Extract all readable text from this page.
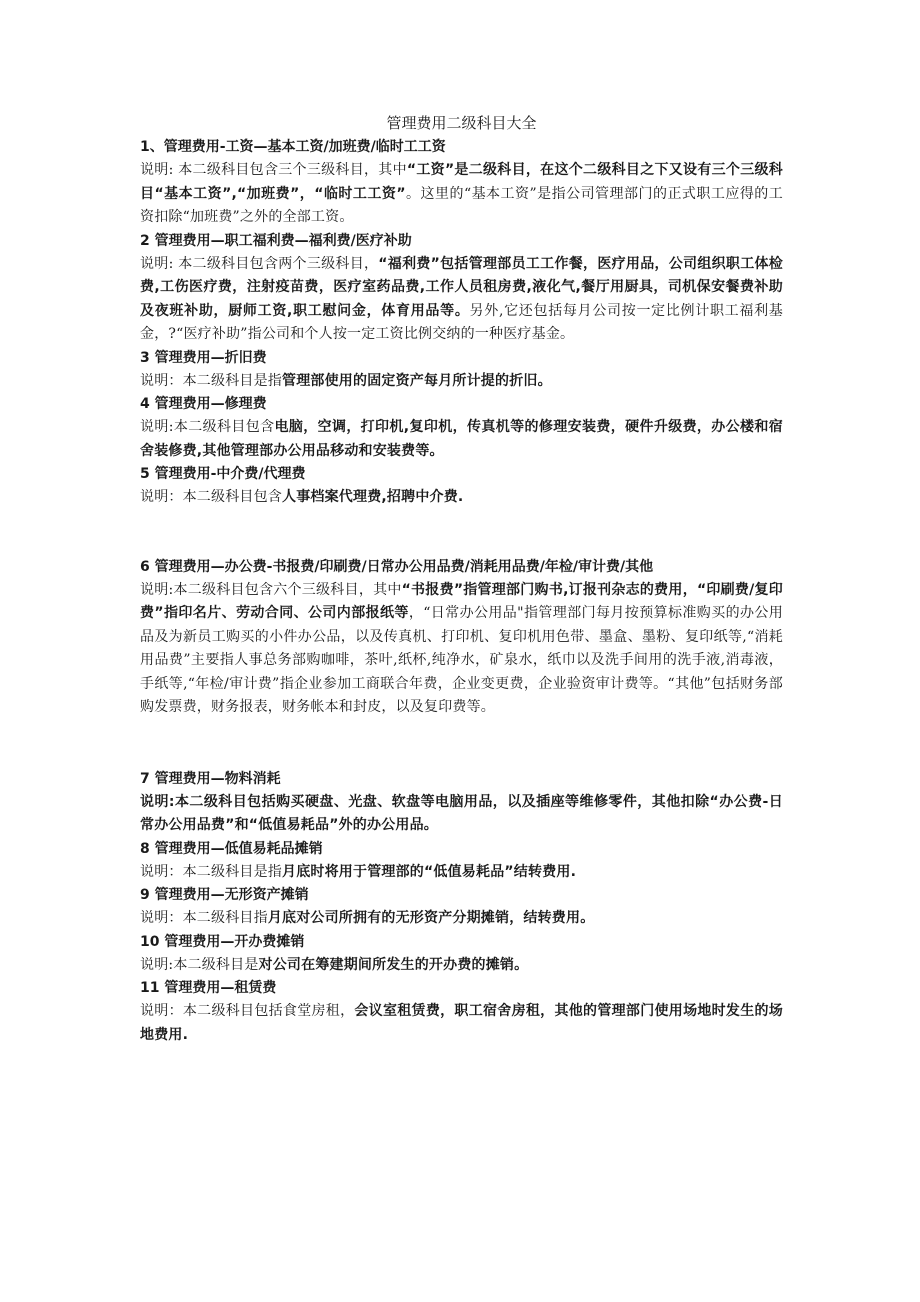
管理费用二级科目大全

1、管理费用-工资—基本工资/加班费/临时工工资

说明: 本二级科目包含三个三级科目，其中“工资”是二级科目，在这个二级科目之下又设有三个三级科目“基本工资”,“加班费”，“临时工工资”。这里的“基本工资”是指公司管理部门的正式职工应得的工资扣除“加班费”之外的全部工资。

2 管理费用—职工福利费—福利费/医疗补助

说明: 本二级科目包含两个三级科目，“福利费”包括管理部员工工作餐，医疗用品，公司组织职工体检费,工伤医疗费，注射疫苗费，医疗室药品费,工作人员租房费,液化气,餐厅用厨具，司机保安餐费补助及夜班补助，厨师工资,职工慰问金，体育用品等。另外,它还包括每月公司按一定比例计职工福利基金，?“医疗补助”指公司和个人按一定工资比例交纳的一种医疗基金。

3 管理费用—折旧费

说明：本二级科目是指管理部使用的固定资产每月所计提的折旧。

4 管理费用—修理费

说明:本二级科目包含电脑，空调，打印机,复印机，传真机等的修理安装费，硬件升级费，办公楼和宿舍装修费,其他管理部办公用品移动和安装费等。

5 管理费用-中介费/代理费

说明：本二级科目包含人事档案代理费,招聘中介费.

6 管理费用—办公费-书报费/印刷费/日常办公用品费/消耗用品费/年检/审计费/其他

说明:本二级科目包含六个三级科目，其中“书报费”指管理部门购书,订报刊杂志的费用，“印刷费/复印费”指印名片、劳动合同、公司内部报纸等，“日常办公用品"指管理部门每月按预算标准购买的办公用品及为新员工购买的小件办公品，以及传真机、打印机、复印机用色带、墨盒、墨粉、复印纸等,“消耗用品费”主要指人事总务部购咖啡，茶叶,纸杯,纯净水，矿泉水，纸巾以及洗手间用的洗手液,消毒液，手纸等,“年检/审计费”指企业参加工商联合年费，企业变更费，企业验资审计费等。“其他”包括财务部购发票费，财务报表，财务帐本和封皮，以及复印费等。

7 管理费用—物料消耗

说明:本二级科目包括购买硬盘、光盘、软盘等电脑用品，以及插座等维修零件，其他扣除“办公费-日常办公用品费”和“低值易耗品”外的办公用品。

8 管理费用—低值易耗品摊销

说明：本二级科目是指月底时将用于管理部的“低值易耗品”结转费用.

9 管理费用—无形资产摊销

说明：本二级科目指月底对公司所拥有的无形资产分期摊销，结转费用。

10 管理费用—开办费摊销

说明:本二级科目是对公司在筹建期间所发生的开办费的摊销。

11 管理费用—租赁费

说明：本二级科目包括食堂房租，会议室租赁费，职工宿舍房租，其他的管理部门使用场地时发生的场地费用.
